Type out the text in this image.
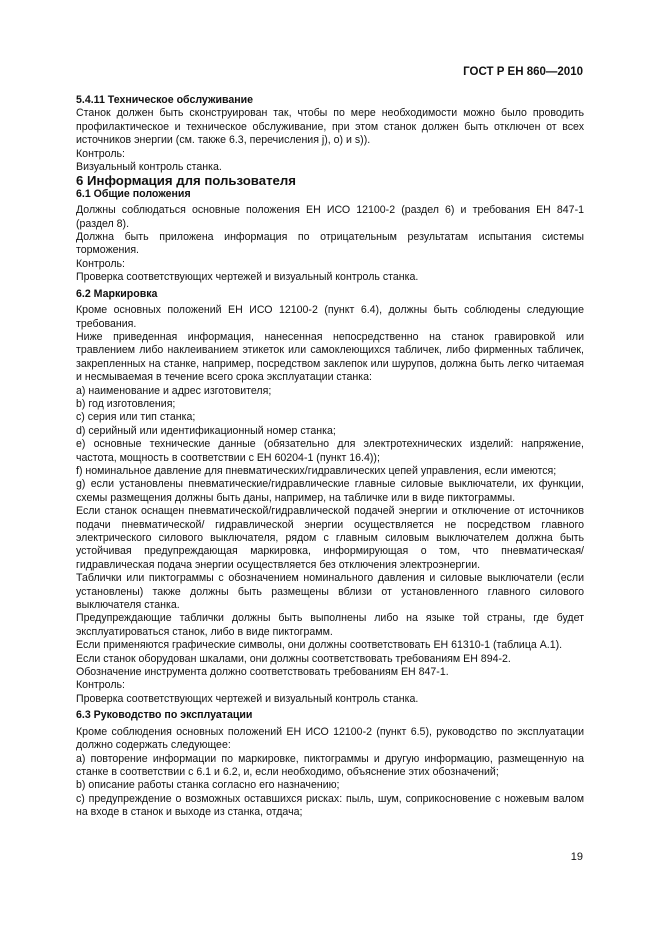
ГОСТ Р ЕН 860—2010

5.4.11 Техническое обслуживание

Станок должен быть сконструирован так, чтобы по мере необходимости можно было проводить профилактическое и техническое обслуживание, при этом станок должен быть отключен от всех источников энергии (см. также 6.3, перечисления j), o) и s)).

Контроль:

Визуальный контроль станка.

6 Информация для пользователя

6.1 Общие положения

Должны соблюдаться основные положения ЕН ИСО 12100-2 (раздел 6) и требования ЕН 847-1 (раздел 8).

Должна быть приложена информация по отрицательным результатам испытания системы торможения.

Контроль:

Проверка соответствующих чертежей и визуальный контроль станка.

6.2 Маркировка

Кроме основных положений ЕН ИСО 12100-2 (пункт 6.4), должны быть соблюдены следующие требования.

Ниже приведенная информация, нанесенная непосредственно на станок гравировкой или травлением либо наклеиванием этикеток или самоклеющихся табличек, либо фирменных табличек, закрепленных на станке, например, посредством заклепок или шурупов, должна быть легко читаемая и несмываемая в течение всего срока эксплуатации станка:

a) наименование и адрес изготовителя;

b) год изготовления;

c) серия или тип станка;

d) серийный или идентификационный номер станка;

e) основные технические данные (обязательно для электротехнических изделий: напряжение, частота, мощность в соответствии с ЕН 60204-1 (пункт 16.4));

f) номинальное давление для пневматических/гидравлических цепей управления, если имеются;

g) если установлены пневматические/гидравлические главные силовые выключатели, их функции, схемы размещения должны быть даны, например, на табличке или в виде пиктограммы.

Если станок оснащен пневматической/гидравлической подачей энергии и отключение от источников подачи пневматической/ гидравлической энергии осуществляется не посредством главного электрического силового выключателя, рядом с главным силовым выключателем должна быть устойчивая предупреждающая маркировка, информирующая о том, что пневматическая/гидравлическая подача энергии осуществляется без отключения электроэнергии.

Таблички или пиктограммы с обозначением номинального давления и силовые выключатели (если установлены) также должны быть размещены вблизи от установленного главного силового выключателя станка.

Предупреждающие таблички должны быть выполнены либо на языке той страны, где будет эксплуатироваться станок, либо в виде пиктограмм.

Если применяются графические символы, они должны соответствовать ЕН 61310-1 (таблица А.1).

Если станок оборудован шкалами, они должны соответствовать требованиям ЕН 894-2.

Обозначение инструмента должно соответствовать требованиям ЕН 847-1.

Контроль:

Проверка соответствующих чертежей и визуальный контроль станка.

6.3 Руководство по эксплуатации

Кроме соблюдения основных положений ЕН ИСО 12100-2 (пункт 6.5), руководство по эксплуатации должно содержать следующее:

a) повторение информации по маркировке, пиктограммы и другую информацию, размещенную на станке в соответствии с 6.1 и 6.2, и, если необходимо, объяснение этих обозначений;

b) описание работы станка согласно его назначению;

c) предупреждение о возможных оставшихся рисках: пыль, шум, соприкосновение с ножевым валом на входе в станок и выходе из станка, отдача;

19
